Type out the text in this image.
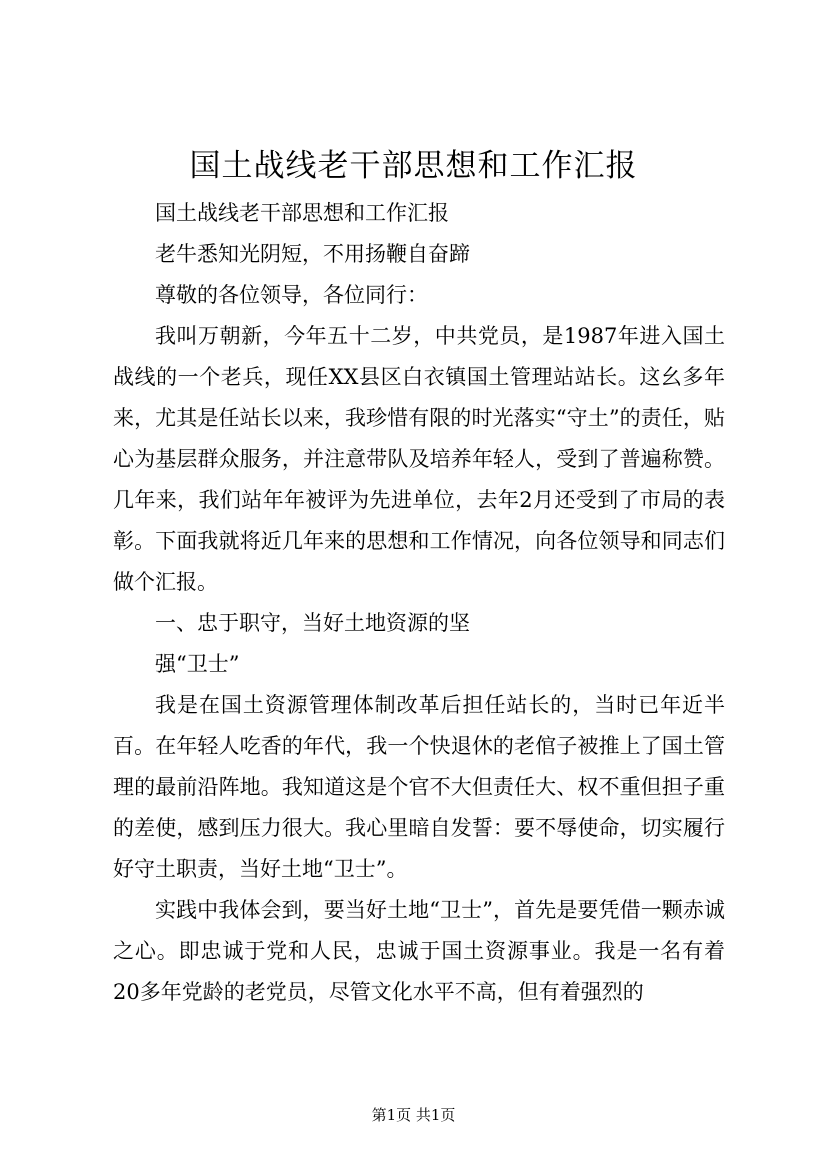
国土战线老干部思想和工作汇报

国土战线老干部思想和工作汇报

老牛悉知光阴短，不用扬鞭自奋蹄

尊敬的各位领导，各位同行：

我叫万朝新，今年五十二岁，中共党员，是1987年进入国土战线的一个老兵，现任XX县区白衣镇国土管理站站长。这幺多年来，尤其是任站长以来，我珍惜有限的时光落实“守土”的责任，贴心为基层群众服务，并注意带队及培养年轻人，受到了普遍称赞。几年来，我们站年年被评为先进单位，去年2月还受到了市局的表彰。下面我就将近几年来的思想和工作情况，向各位领导和同志们做个汇报。

一、忠于职守，当好土地资源的坚

强“卫士”

我是在国土资源管理体制改革后担任站长的，当时已年近半百。在年轻人吃香的年代，我一个快退休的老倌子被推上了国土管理的最前沿阵地。我知道这是个官不大但责任大、权不重但担子重的差使，感到压力很大。我心里暗自发誓：要不辱使命，切实履行好守土职责，当好土地“卫士”。

实践中我体会到，要当好土地“卫士”，首先是要凭借一颗赤诚之心。即忠诚于党和人民，忠诚于国土资源事业。我是一名有着20多年党龄的老党员，尽管文化水平不高，但有着强烈的

第1页 共1页
